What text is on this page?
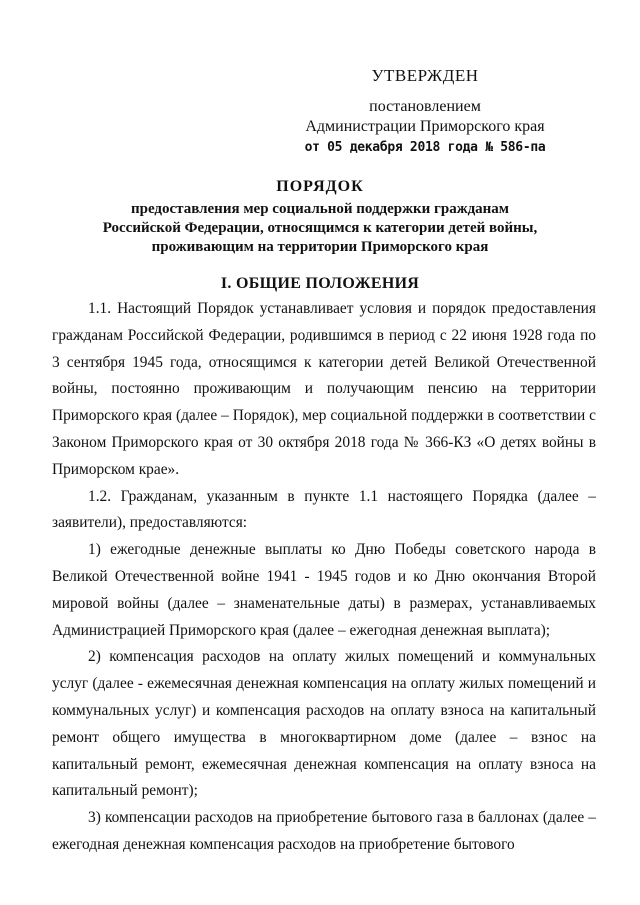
УТВЕРЖДЕН
постановлением
Администрации Приморского края
от 05 декабря 2018 года № 586-па
ПОРЯДОК
предоставления мер социальной поддержки гражданам
Российской Федерации, относящимся к категории детей войны,
проживающим на территории Приморского края
I. ОБЩИЕ ПОЛОЖЕНИЯ

1.1. Настоящий Порядок устанавливает условия и порядок предоставления гражданам Российской Федерации, родившимся в период с 22 июня 1928 года по 3 сентября 1945 года, относящимся к категории детей Великой Отечественной войны, постоянно проживающим и получающим пенсию на территории Приморского края (далее – Порядок), мер социальной поддержки в соответствии с Законом Приморского края от 30 октября 2018 года № 366-КЗ «О детях войны в Приморском крае».

1.2. Гражданам, указанным в пункте 1.1 настоящего Порядка (далее – заявители), предоставляются:

1) ежегодные денежные выплаты ко Дню Победы советского народа в Великой Отечественной войне 1941 - 1945 годов и ко Дню окончания Второй мировой войны (далее – знаменательные даты) в размерах, устанавливаемых Администрацией Приморского края (далее – ежегодная денежная выплата);

2) компенсация расходов на оплату жилых помещений и коммунальных услуг (далее - ежемесячная денежная компенсация на оплату жилых помещений и коммунальных услуг) и компенсация расходов на оплату взноса на капитальный ремонт общего имущества в многоквартирном доме (далее – взнос на капитальный ремонт, ежемесячная денежная компенсация на оплату взноса на капитальный ремонт);

3) компенсации расходов на приобретение бытового газа в баллонах (далее – ежегодная денежная компенсация расходов на приобретение бытового
